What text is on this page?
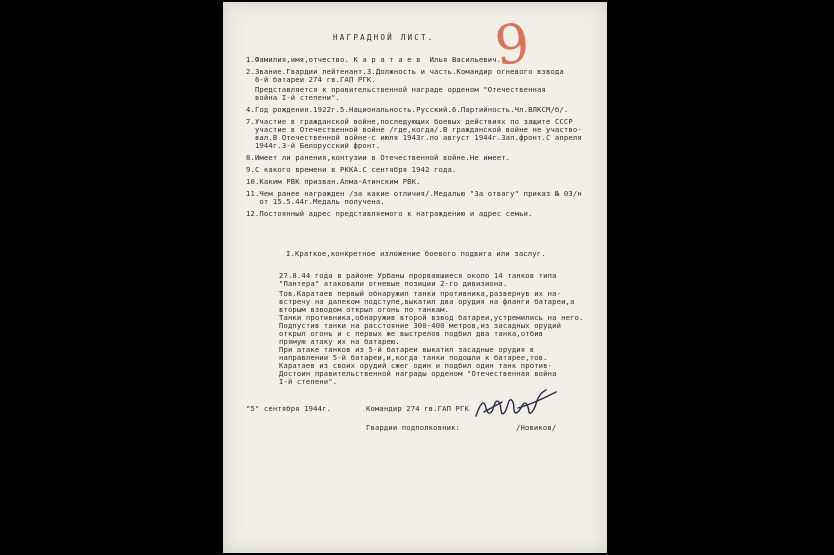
НАГРАДНОЙ ЛИСТ. 9
1.Фамилия,имя,отчество. К а р а т а е в  Илья Васильевич.
2.Звание.Гвардии лейтенант.3.Должность и часть.Командир огневого взвода
6-й батареи 274 гв.ГАП РГК.
Представляется к правительственной награде орденом "Отечественная
война I-й степени".
4.Год рождения.1922г.5.Национальность.Русский.6.Партийность.Чл.ВЛКСМ/б/.
7.Участие в гражданской войне,последующих боевых действиях по защите СССР
участие в Отечественной войне /где,когда/.В гражданской войне не участво-
вал.В Отечественной войне-с июля 1943г.по август 1944г.Зап.фронт.С апреля
1944г.3-й Белорусский фронт.
8.Имеет ли ранения,контузии в Отечественной войне.Не имеет.
9.С какого времени в РККА.С сентября 1942 года.
10.Каким РВК призван.Алма-Атинским РВК.
11.Чем ранее награжден /за какие отличия/.Медалью "За отвагу" приказ № 03/н
от 15.5.44г.Медаль получена.
12.Постоянный адрес представляемого к награждению и адрес семьи.
I.Краткое,конкретное изложение боевого подвига или заслуг.
27.8.44 года в районе Урбаны прорвавшиеся около 14 танков типа
"Пантера" атаковали огневые позиции 2-го дивизиона.
Тов.Каратаев первый обнаружил танки противника,развернув их на-
встречу на далеком подступе,выкатил два орудия на фланги батареи,а
вторым взводом открыл огонь по танкам.
Танки противника,обнаружив второй взвод батареи,устремились на него.
Подпустив танки на расстояние 300-400 метров,из засадных орудий
открыл огонь и с первых же выстрелов подбил два танка,отбив
прямую атаку их на батарею.
При атаке танков из 5-й батареи выкатил засадные орудия в
направлении 5-й батареи,и,когда танки подошли к батарее,тов.
Каратаев из своих орудий сжег один и подбил один танк против-
Достоин правительственной награды орденом "Отечественная война
I-й степени".
"5" сентября 1944г.	Командир 274 гв.ГАП РГК
Гвардии подполковник:	/Новиков/
